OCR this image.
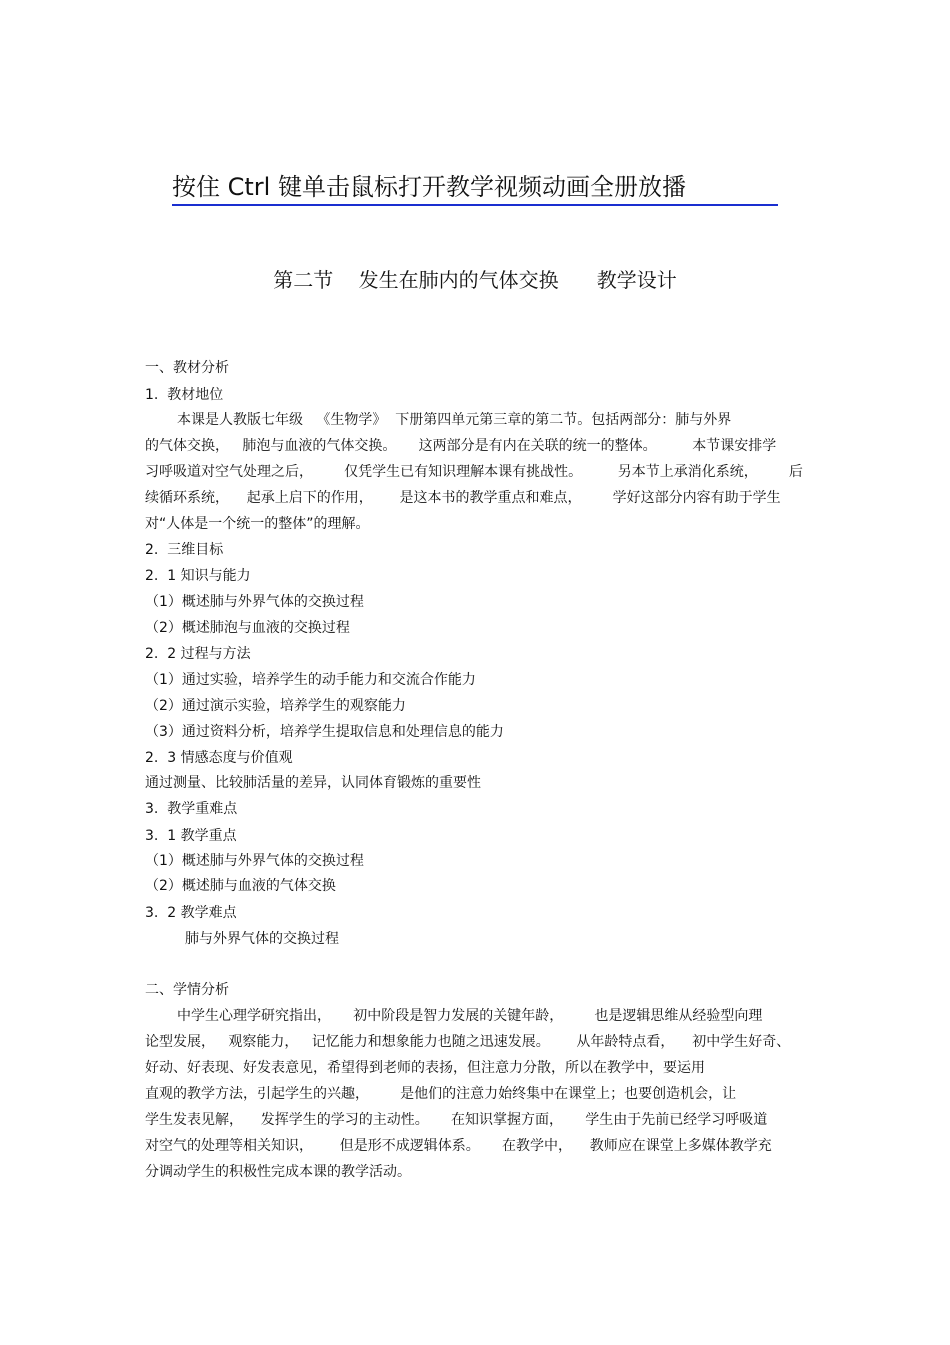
按住 Ctrl 键单击鼠标打开教学视频动画全册放播
第二节    发生在肺内的气体交换      教学设计
一、教材分析
1.  教材地位
本课是人教版七年级   《生物学》  下册第四单元第三章的第二节。包括两部分：肺与外界
的气体交换，   肺泡与血液的气体交换。     这两部分是有内在关联的统一的整体。        本节课安排学
习呼吸道对空气处理之后，       仅凭学生已有知识理解本课有挑战性。        另本节上承消化系统，       后
续循环系统，    起承上启下的作用，      是这本书的教学重点和难点，       学好这部分内容有助于学生
对“人体是一个统一的整体”的理解。
2.  三维目标
2.  1 知识与能力
（1）概述肺与外界气体的交换过程
（2）概述肺泡与血液的交换过程
2.  2 过程与方法
（1）通过实验，培养学生的动手能力和交流合作能力
（2）通过演示实验，培养学生的观察能力
（3）通过资料分析，培养学生提取信息和处理信息的能力
2.  3 情感态度与价值观
通过测量、比较肺活量的差异，认同体育锻炼的重要性
3.  教学重难点
3.  1 教学重点
（1）概述肺与外界气体的交换过程
（2）概述肺与血液的气体交换
3.  2 教学难点
肺与外界气体的交换过程
二、学情分析
中学生心理学研究指出，     初中阶段是智力发展的关键年龄，       也是逻辑思维从经验型向理
论型发展，   观察能力，   记忆能力和想象能力也随之迅速发展。      从年龄特点看，    初中学生好奇、
好动、好表现、好发表意见，希望得到老师的表扬，但注意力分散，所以在教学中，要运用
直观的教学方法，引起学生的兴趣，       是他们的注意力始终集中在课堂上；也要创造机会，让
学生发表见解，    发挥学生的学习的主动性。     在知识掌握方面，     学生由于先前已经学习呼吸道
对空气的处理等相关知识，      但是形不成逻辑体系。     在教学中，    教师应在课堂上多媒体教学充
分调动学生的积极性完成本课的教学活动。
